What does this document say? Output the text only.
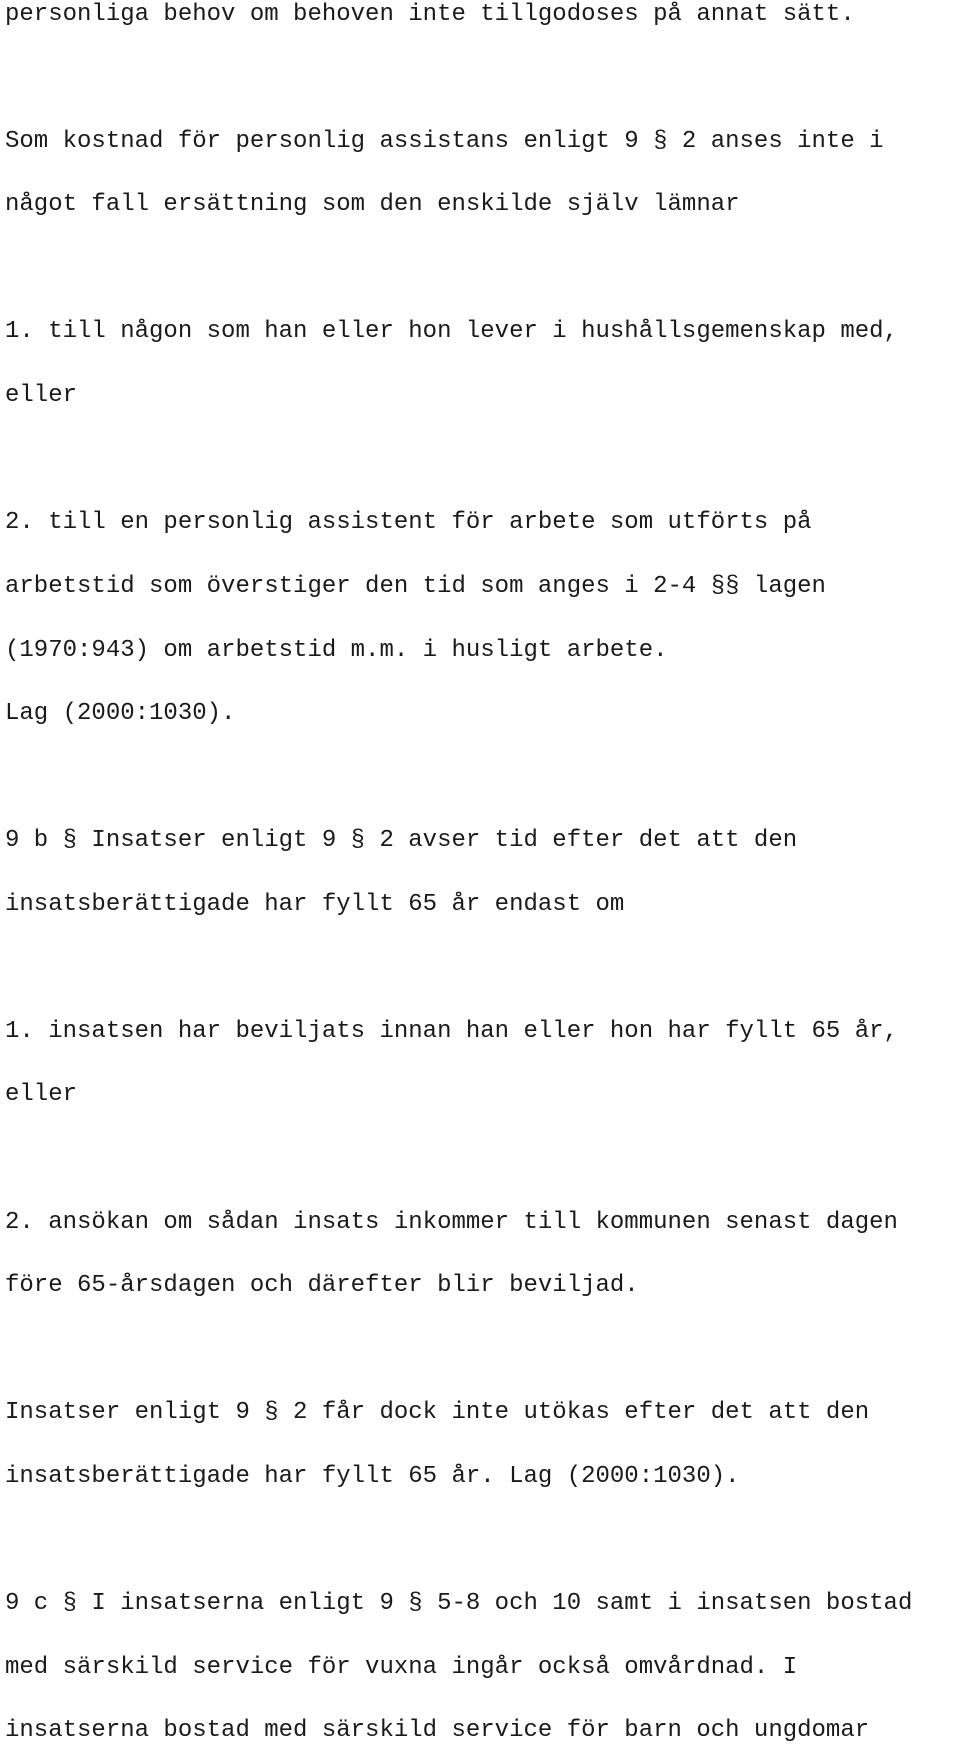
personliga behov om behoven inte tillgodoses på annat sätt.

Som kostnad för personlig assistans enligt 9 § 2 anses inte i

något fall ersättning som den enskilde själv lämnar

1. till någon som han eller hon lever i hushållsgemenskap med,

eller

2. till en personlig assistent för arbete som utförts på

arbetstid som överstiger den tid som anges i 2-4 §§ lagen

(1970:943) om arbetstid m.m. i husligt arbete.

Lag (2000:1030).

9 b § Insatser enligt 9 § 2 avser tid efter det att den

insatsberättigade har fyllt 65 år endast om

1. insatsen har beviljats innan han eller hon har fyllt 65 år,

eller

2. ansökan om sådan insats inkommer till kommunen senast dagen

före 65-årsdagen och därefter blir beviljad.

Insatser enligt 9 § 2 får dock inte utökas efter det att den

insatsberättigade har fyllt 65 år. Lag (2000:1030).

9 c § I insatserna enligt 9 § 5-8 och 10 samt i insatsen bostad

med särskild service för vuxna ingår också omvårdnad. I

insatserna bostad med särskild service för barn och ungdomar
